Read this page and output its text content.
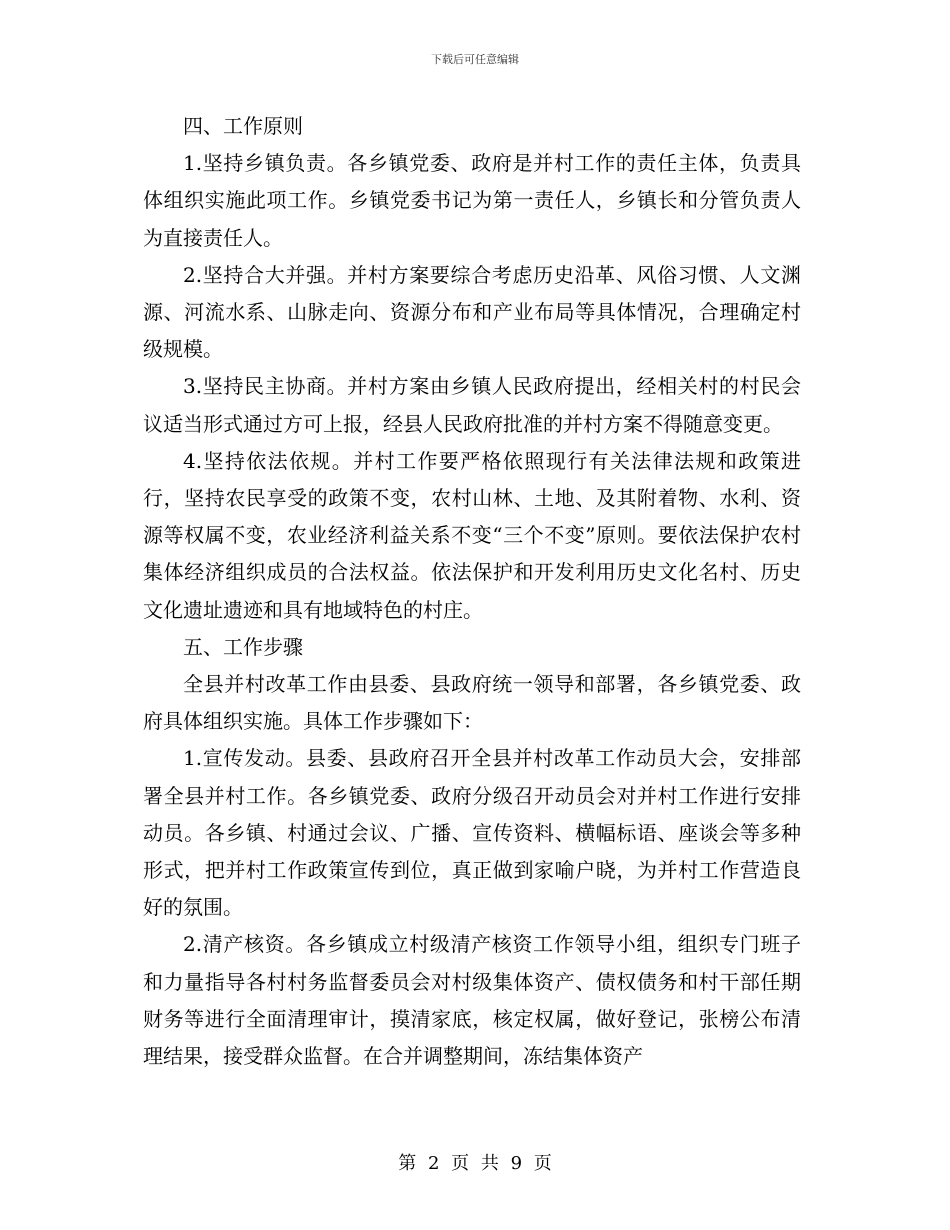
下载后可任意编辑

四、工作原则

1.坚持乡镇负责。各乡镇党委、政府是并村工作的责任主体，负责具体组织实施此项工作。乡镇党委书记为第一责任人，乡镇长和分管负责人为直接责任人。

2.坚持合大并强。并村方案要综合考虑历史沿革、风俗习惯、人文渊源、河流水系、山脉走向、资源分布和产业布局等具体情况，合理确定村级规模。

3.坚持民主协商。并村方案由乡镇人民政府提出，经相关村的村民会议适当形式通过方可上报，经县人民政府批准的并村方案不得随意变更。

4.坚持依法依规。并村工作要严格依照现行有关法律法规和政策进行，坚持农民享受的政策不变，农村山林、土地、及其附着物、水利、资源等权属不变，农业经济利益关系不变“三个不变”原则。要依法保护农村集体经济组织成员的合法权益。依法保护和开发利用历史文化名村、历史文化遗址遗迹和具有地域特色的村庄。

五、工作步骤

全县并村改革工作由县委、县政府统一领导和部署，各乡镇党委、政府具体组织实施。具体工作步骤如下：

1.宣传发动。县委、县政府召开全县并村改革工作动员大会，安排部署全县并村工作。各乡镇党委、政府分级召开动员会对并村工作进行安排动员。各乡镇、村通过会议、广播、宣传资料、横幅标语、座谈会等多种形式，把并村工作政策宣传到位，真正做到家喻户晓，为并村工作营造良好的氛围。

2.清产核资。各乡镇成立村级清产核资工作领导小组，组织专门班子和力量指导各村村务监督委员会对村级集体资产、债权债务和村干部任期财务等进行全面清理审计，摸清家底，核定权属，做好登记，张榜公布清理结果，接受群众监督。在合并调整期间，冻结集体资产

第 2 页 共 9 页
